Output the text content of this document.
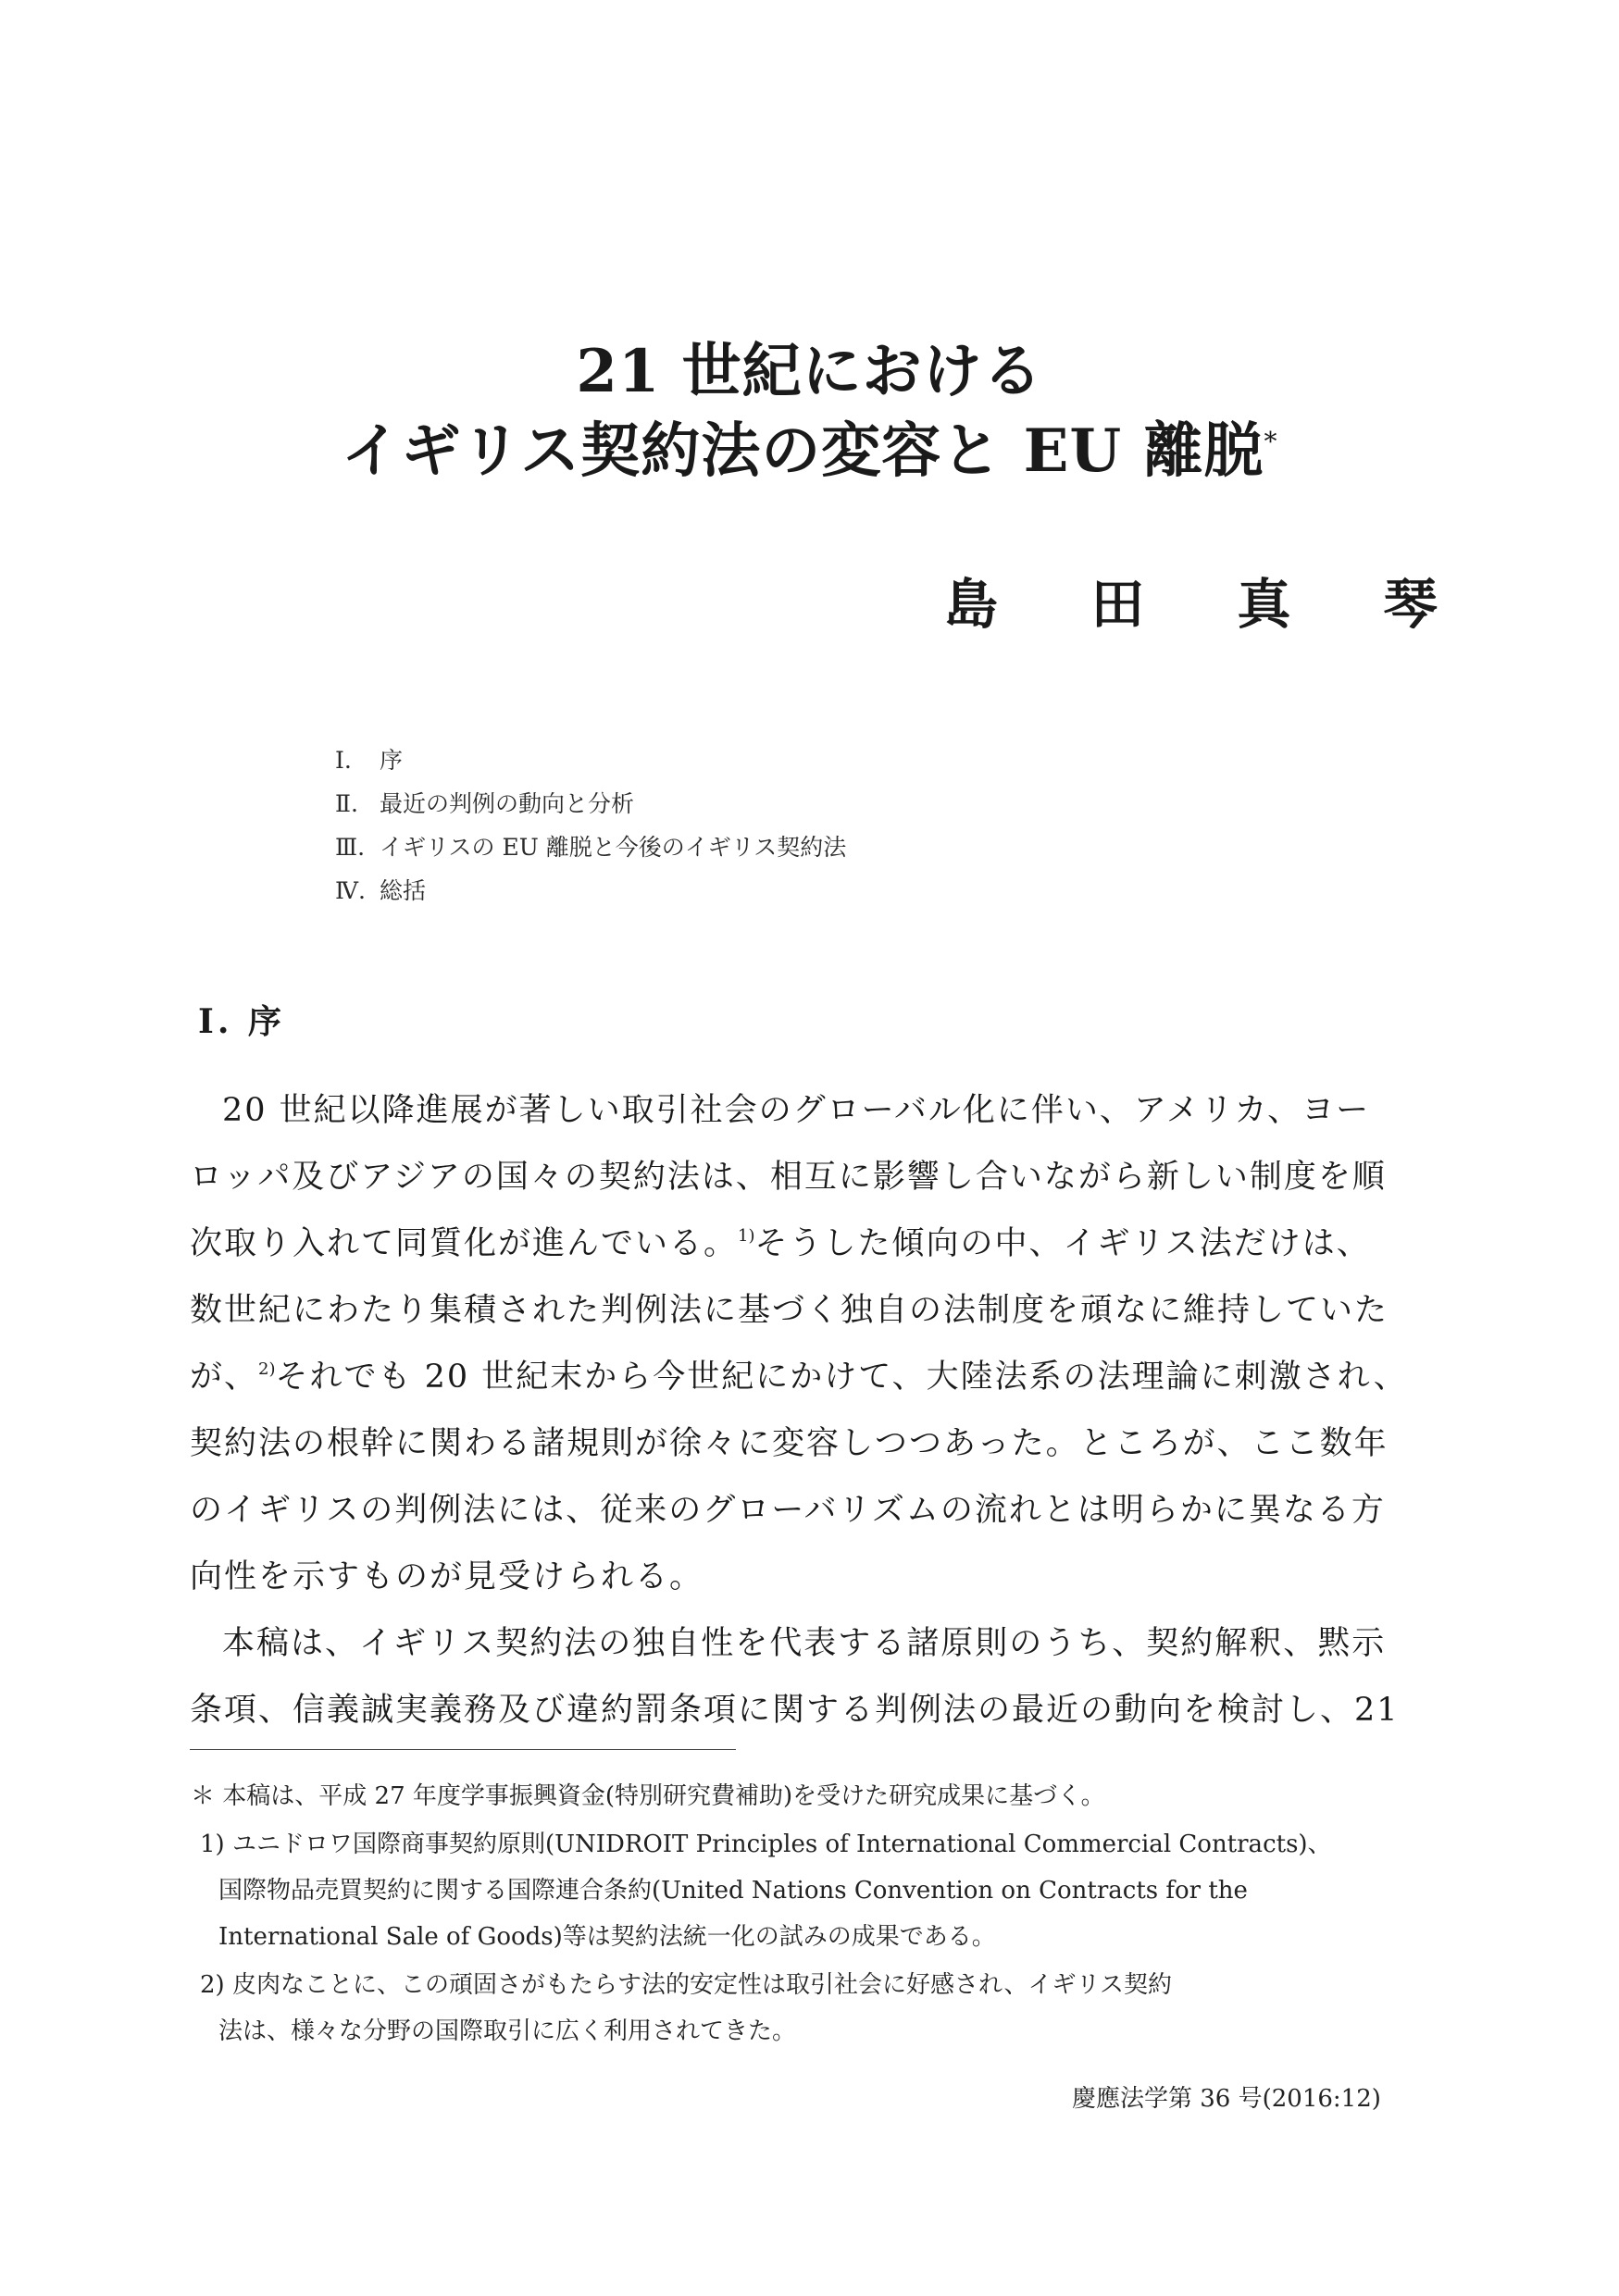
21 世紀における
イギリス契約法の変容と EU 離脱*
島 田 真 琴
Ⅰ. 序
Ⅱ. 最近の判例の動向と分析
Ⅲ. イギリスの EU 離脱と今後のイギリス契約法
Ⅳ. 総括
Ⅰ. 序
20 世紀以降進展が著しい取引社会のグローバル化に伴い、アメリカ、ヨー
ロッパ及びアジアの国々の契約法は、相互に影響し合いながら新しい制度を順
次取り入れて同質化が進んでいる。$^{1)}$そうした傾向の中、イギリス法だけは、
数世紀にわたり集積された判例法に基づく独自の法制度を頑なに維持していた
が、$^{2)}$それでも 20 世紀末から今世紀にかけて、大陸法系の法理論に刺激され、
契約法の根幹に関わる諸規則が徐々に変容しつつあった。ところが、ここ数年
のイギリスの判例法には、従来のグローバリズムの流れとは明らかに異なる方
向性を示すものが見受けられる。
本稿は、イギリス契約法の独自性を代表する諸原則のうち、契約解釈、黙示
条項、信義誠実義務及び違約罰条項に関する判例法の最近の動向を検討し、21
＊ 本稿は、平成 27 年度学事振興資金(特別研究費補助)を受けた研究成果に基づく。
1) ユニドロワ国際商事契約原則(UNIDROIT Principles of International Commercial Contracts)、
国際物品売買契約に関する国際連合条約(United Nations Convention on Contracts for the
International Sale of Goods)等は契約法統一化の試みの成果である。
2) 皮肉なことに、この頑固さがもたらす法的安定性は取引社会に好感され、イギリス契約
法は、様々な分野の国際取引に広く利用されてきた。
慶應法学第 36 号(2016:12)
